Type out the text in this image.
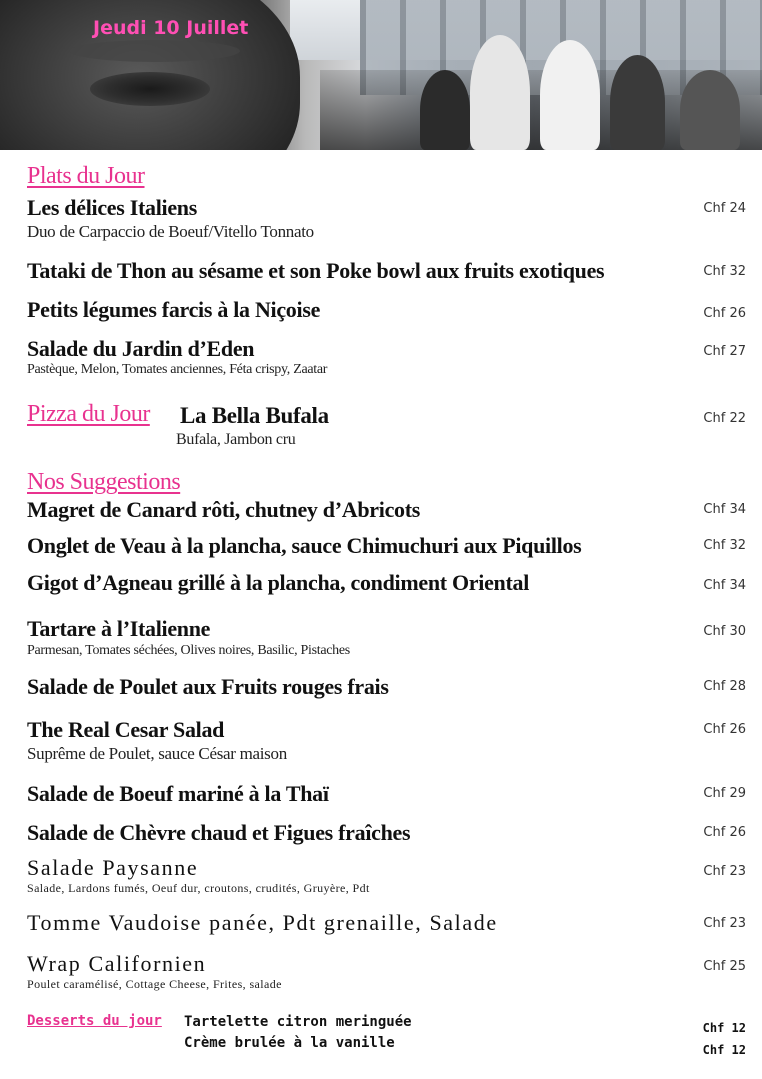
Jeudi 10 Juillet
Plats du Jour
Les délices Italiens
Duo de Carpaccio de Boeuf/Vitello Tonnato
Chf 24
Tataki de Thon au sésame et son Poke bowl aux fruits exotiques	Chf 32
Petits légumes farcis à la Niçoise	Chf 26
Salade du Jardin d’Eden
Pastèque, Melon, Tomates anciennes, Féta crispy, Zaatar
Chf 27
Pizza du Jour La Bella Bufala
Bufala, Jambon cru
Chf 22
Nos Suggestions
Magret de Canard rôti, chutney d’Abricots	Chf 34
Onglet de Veau à la plancha, sauce Chimuchuri aux Piquillos	Chf 32
Gigot d’Agneau grillé à la plancha, condiment Oriental	Chf 34
Tartare à l’Italienne
Parmesan, Tomates séchées, Olives noires, Basilic, Pistaches
Chf 30
Salade de Poulet aux Fruits rouges frais	Chf 28
The Real Cesar Salad
Suprême de Poulet, sauce César maison
Chf 26
Salade de Boeuf mariné à la Thaï	Chf 29
Salade de Chèvre chaud et Figues fraîches	Chf 26
Salade Paysanne
Salade, Lardons fumés, Oeuf dur, croutons, crudités, Gruyère, Pdt
Chf 23
Tomme Vaudoise panée, Pdt grenaille, Salade	Chf 23
Wrap Californien
Poulet caramélisé, Cottage Cheese, Frites, salade
Chf 25
Desserts du jour Tartelette citron meringuée	Chf 12
Crème brulée à la vanille	Chf 12
